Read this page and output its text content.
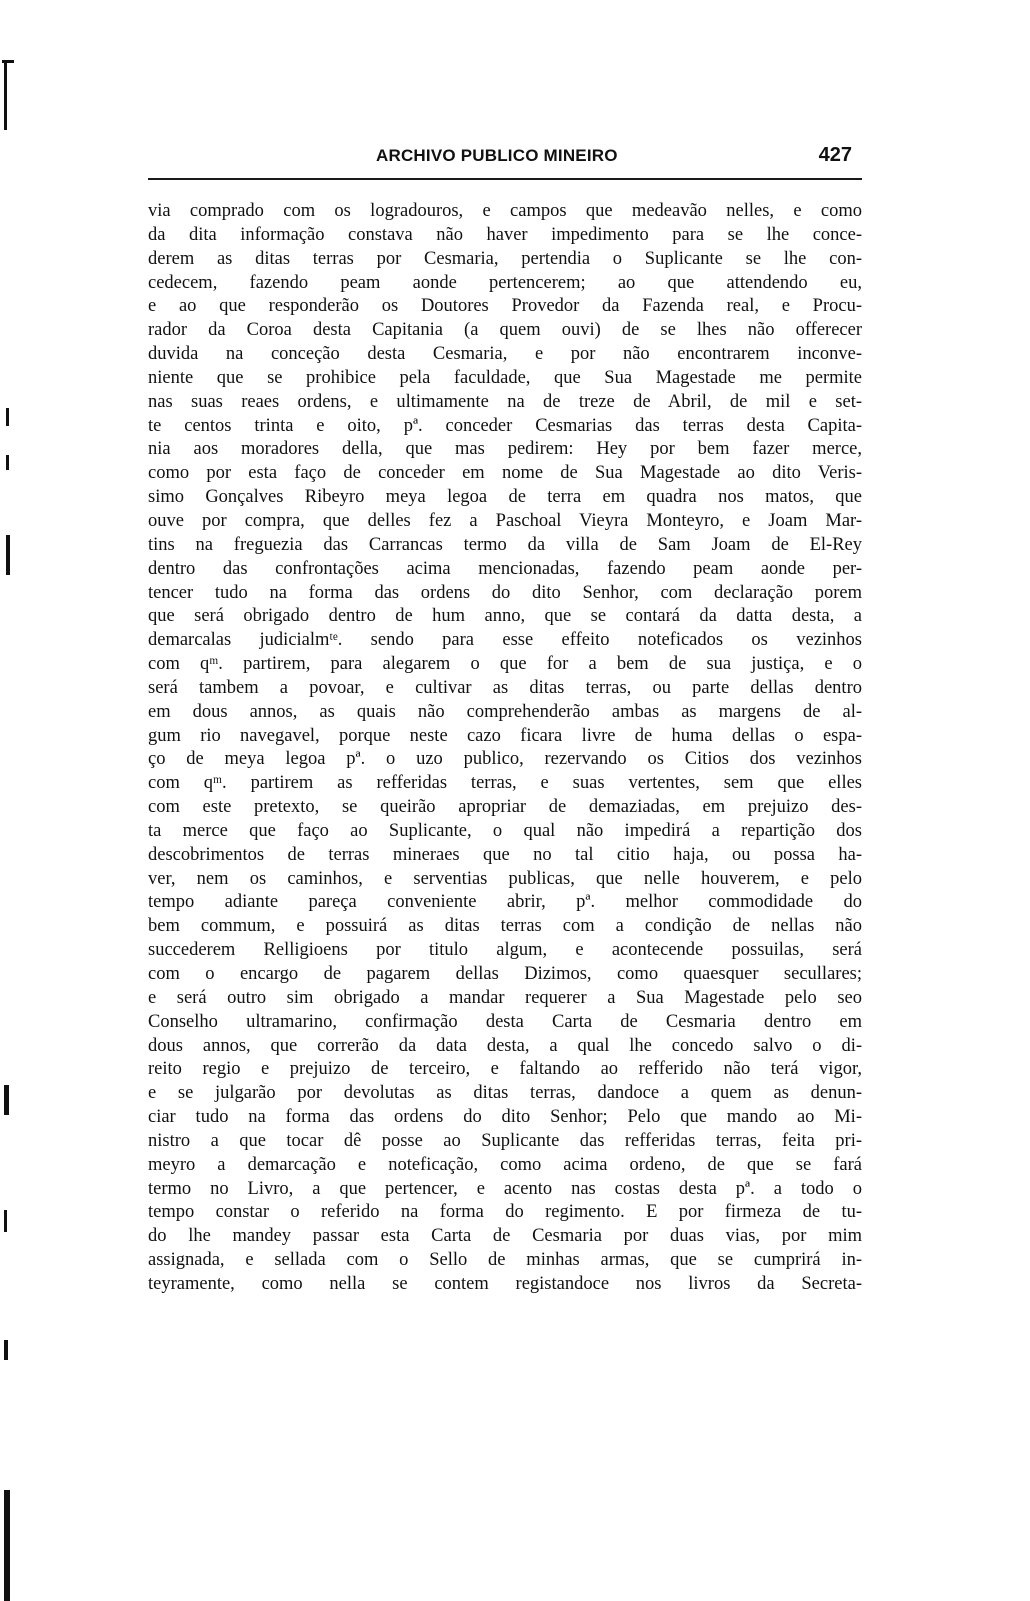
ARCHIVO PUBLICO MINEIRO	427
via comprado com os logradouros, e campos que medeavão nelles, e como
da dita informação constava não haver impedimento para se lhe conce-
derem as ditas terras por Cesmaria, pertendia o Suplicante se lhe con-
cedecem, fazendo peam aonde pertencerem; ao que attendendo eu,
e ao que responderão os Doutores Provedor da Fazenda real, e Procu-
rador da Coroa desta Capitania (a quem ouvi) de se lhes não offerecer
duvida na conceção desta Cesmaria, e por não encontrarem inconve-
niente que se prohibice pela faculdade, que Sua Magestade me permite
nas suas reaes ordens, e ultimamente na de treze de Abril, de mil e set-
te centos trinta e oito, pª. conceder Cesmarias das terras desta Capita-
nia aos moradores della, que mas pedirem: Hey por bem fazer merce,
como por esta faço de conceder em nome de Sua Magestade ao dito Veris-
simo Gonçalves Ribeyro meya legoa de terra em quadra nos matos, que
ouve por compra, que delles fez a Paschoal Vieyra Monteyro, e Joam Mar-
tins na freguezia das Carrancas termo da villa de Sam Joam de El-Rey
dentro das confrontações acima mencionadas, fazendo peam aonde per-
tencer tudo na forma das ordens do dito Senhor, com declaração porem
que será obrigado dentro de hum anno, que se contará da datta desta, a
demarcalas judicialmᵗᵉ. sendo para esse effeito noteficados os vezinhos
com qᵐ. partirem, para alegarem o que for a bem de sua justiça, e o
será tambem a povoar, e cultivar as ditas terras, ou parte dellas dentro
em dous annos, as quais não comprehenderão ambas as margens de al-
gum rio navegavel, porque neste cazo ficara livre de huma dellas o espa-
ço de meya legoa pª. o uzo publico, rezervando os Citios dos vezinhos
com qᵐ. partirem as refferidas terras, e suas vertentes, sem que elles
com este pretexto, se queirão apropriar de demaziadas, em prejuizo des-
ta merce que faço ao Suplicante, o qual não impedirá a repartição dos
descobrimentos de terras mineraes que no tal citio haja, ou possa ha-
ver, nem os caminhos, e serventias publicas, que nelle houverem, e pelo
tempo adiante pareça conveniente abrir, pª. melhor commodidade do
bem commum, e possuirá as ditas terras com a condição de nellas não
succederem Relligioens por titulo algum, e acontecende possuilas, será
com o encargo de pagarem dellas Dizimos, como quaesquer secullares;
e será outro sim obrigado a mandar requerer a Sua Magestade pelo seo
Conselho ultramarino, confirmação desta Carta de Cesmaria dentro em
dous annos, que correrão da data desta, a qual lhe concedo salvo o di-
reito regio e prejuizo de terceiro, e faltando ao refferido não terá vigor,
e se julgarão por devolutas as ditas terras, dandoce a quem as denun-
ciar tudo na forma das ordens do dito Senhor; Pelo que mando ao Mi-
nistro a que tocar dê posse ao Suplicante das refferidas terras, feita pri-
meyro a demarcação e noteficação, como acima ordeno, de que se fará
termo no Livro, a que pertencer, e acento nas costas desta pª. a todo o
tempo constar o referido na forma do regimento. E por firmeza de tu-
do lhe mandey passar esta Carta de Cesmaria por duas vias, por mim
assignada, e sellada com o Sello de minhas armas, que se cumprirá in-
teyramente, como nella se contem registandoce nos livros da Secreta-
